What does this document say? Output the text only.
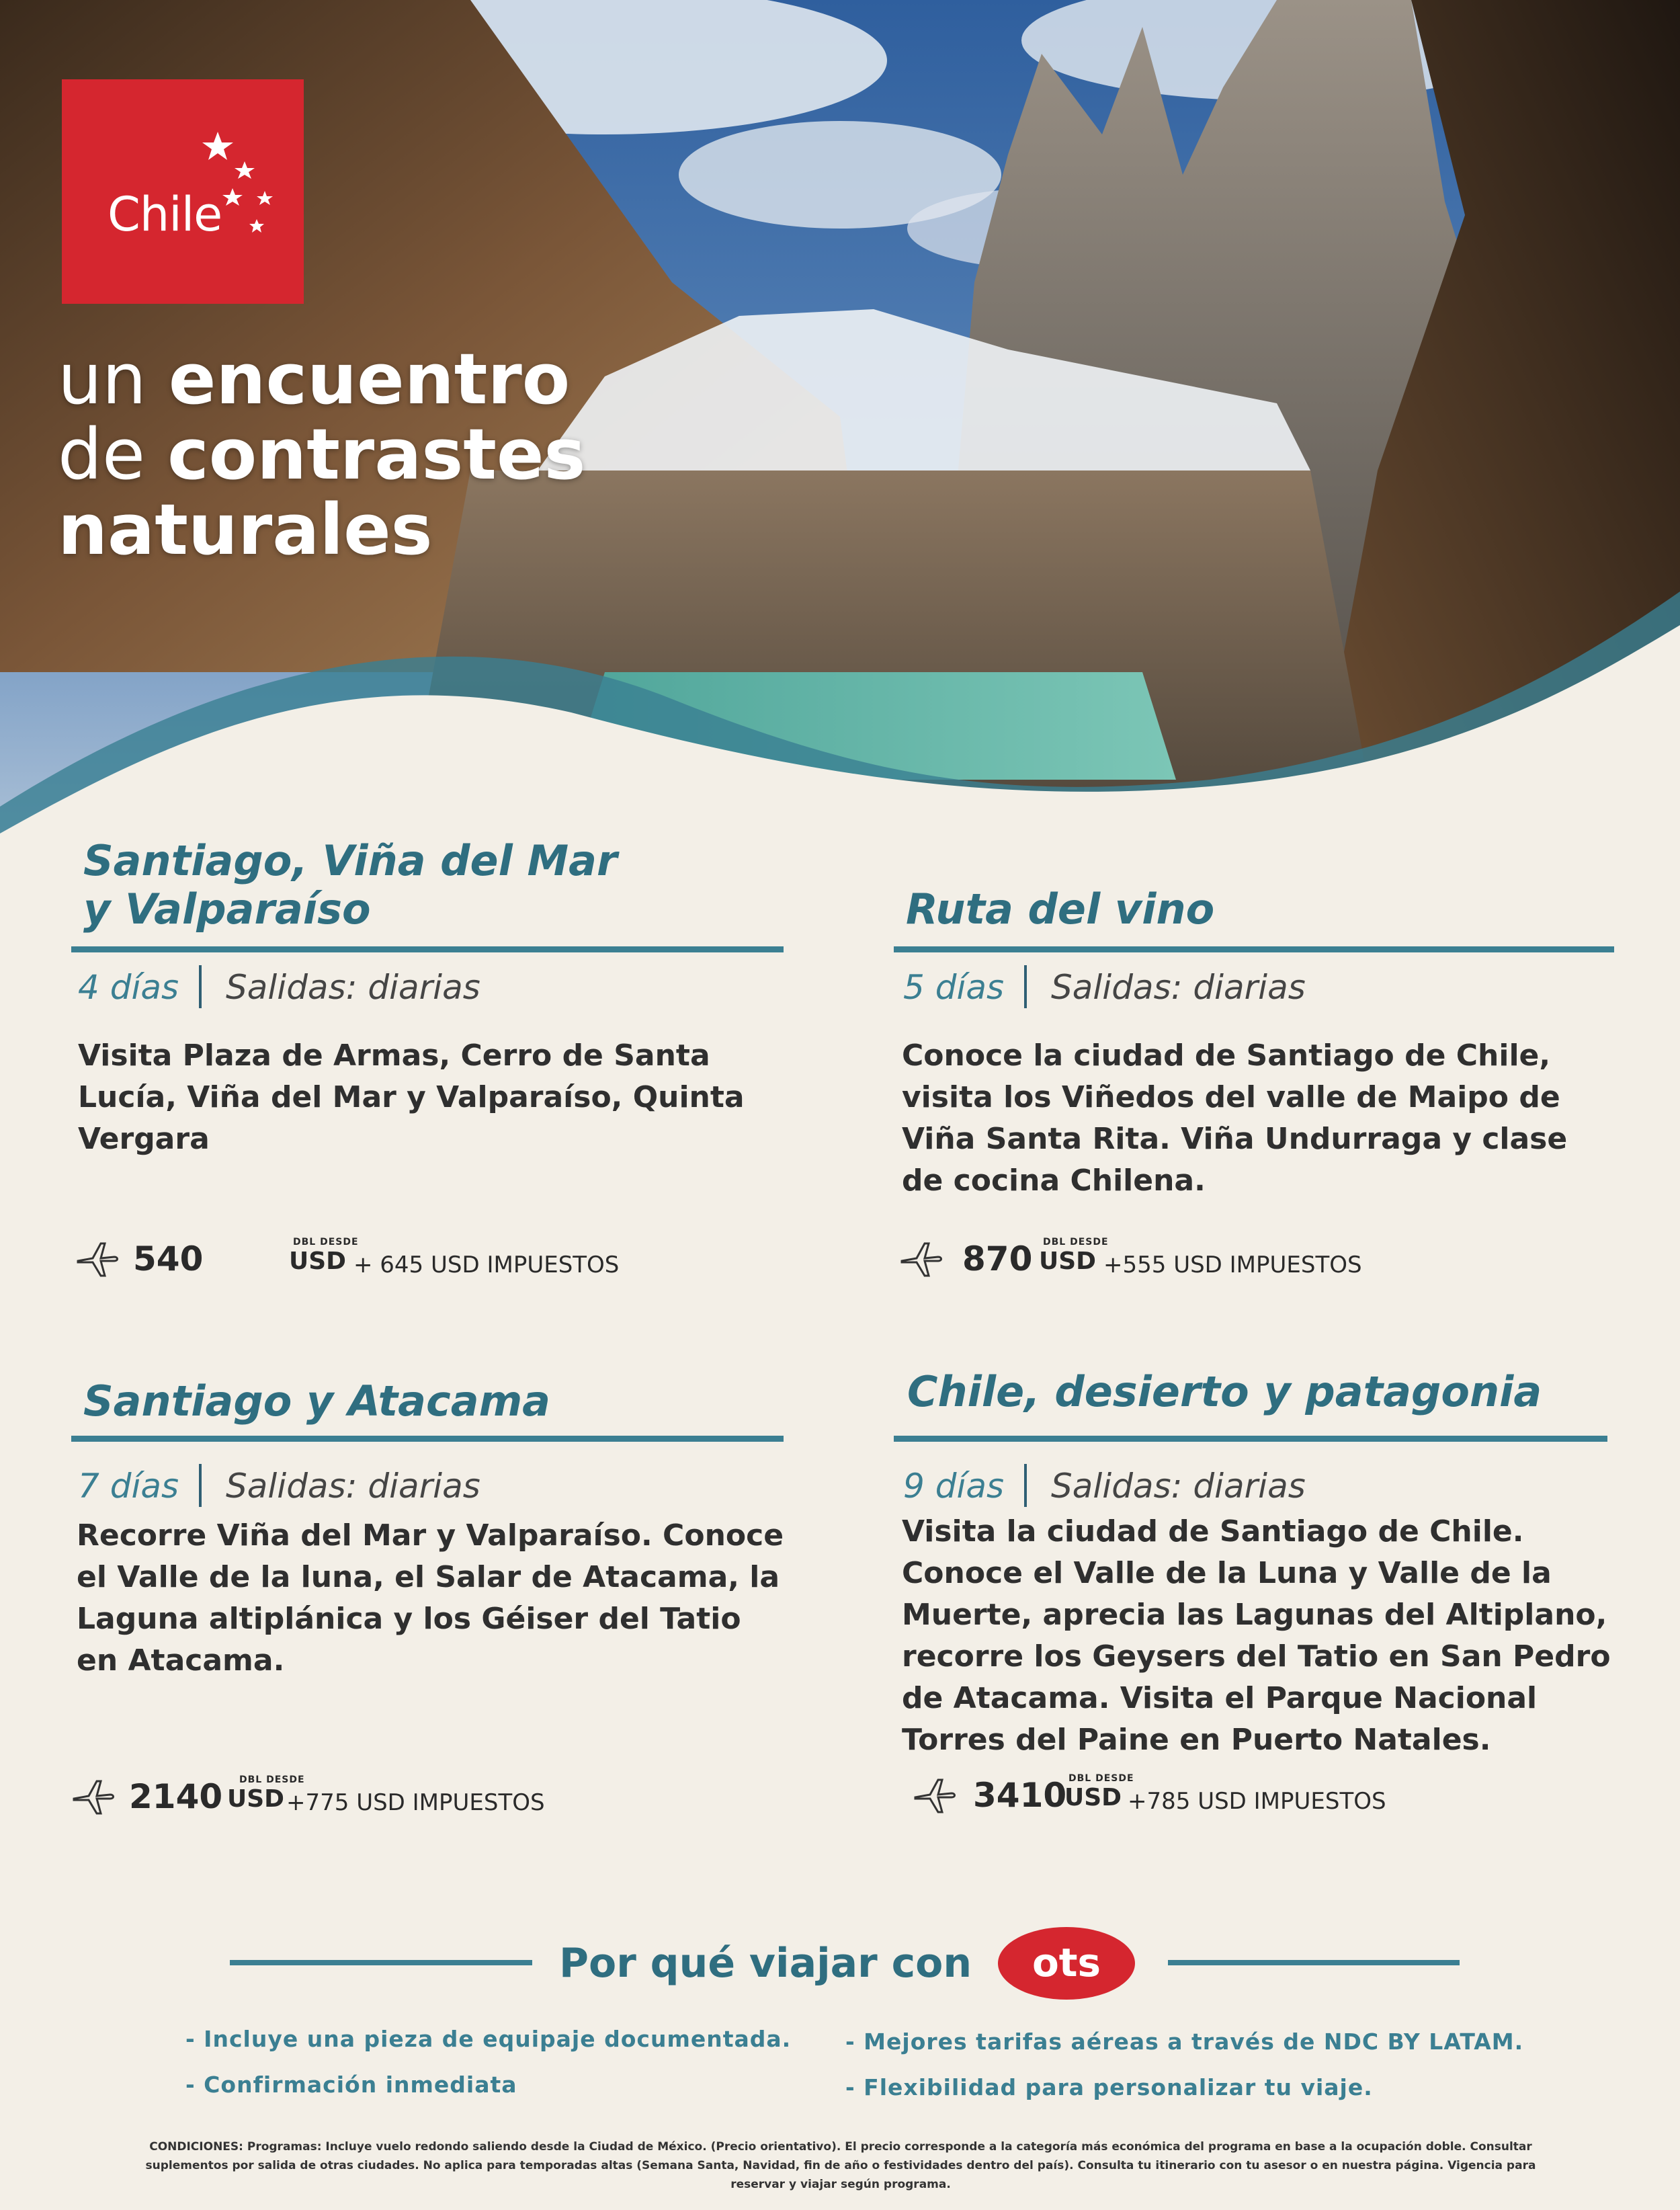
Chile
un encuentro
de contrastes
naturales
Santiago, Viña del Mar
y Valparaíso
4 días Salidas: diarias
Visita Plaza de Armas, Cerro de Santa Lucía, Viña del Mar y Valparaíso, Quinta Vergara
540	DBL DESDE
USD + 645 USD IMPUESTOS
Ruta del vino
5 días Salidas: diarias
Conoce la ciudad de Santiago de Chile, visita los Viñedos del valle de Maipo de Viña Santa Rita. Viña Undurraga y clase de cocina Chilena.
870 DBL DESDE
USD +555 USD IMPUESTOS
Santiago y Atacama
7 días Salidas: diarias
Recorre Viña del Mar y Valparaíso. Conoce el Valle de la luna, el Salar de Atacama, la Laguna altiplánica y los Géiser del Tatio en Atacama.
2140 DBL DESDE
USD +775 USD IMPUESTOS
Chile, desierto y patagonia
9 días Salidas: diarias
Visita la ciudad de Santiago de Chile. Conoce el Valle de la Luna y Valle de la Muerte, aprecia las Lagunas del Altiplano, recorre los Geysers del Tatio en San Pedro de Atacama. Visita el Parque Nacional Torres del Paine en Puerto Natales.
3410 DBL DESDE
USD +785 USD IMPUESTOS
Por qué viajar con ots
- Incluye una pieza de equipaje documentada.
- Confirmación inmediata
- Mejores tarifas aéreas a través de NDC BY LATAM.
- Flexibilidad para personalizar tu viaje.
CONDICIONES: Programas: Incluye vuelo redondo saliendo desde la Ciudad de México. (Precio orientativo). El precio corresponde a la categoría más económica del programa en base a la ocupación doble. Consultar suplementos por salida de otras ciudades. No aplica para temporadas altas (Semana Santa, Navidad, fin de año o festividades dentro del país). Consulta tu itinerario con tu asesor o en nuestra página. Vigencia para reservar y viajar según programa.
